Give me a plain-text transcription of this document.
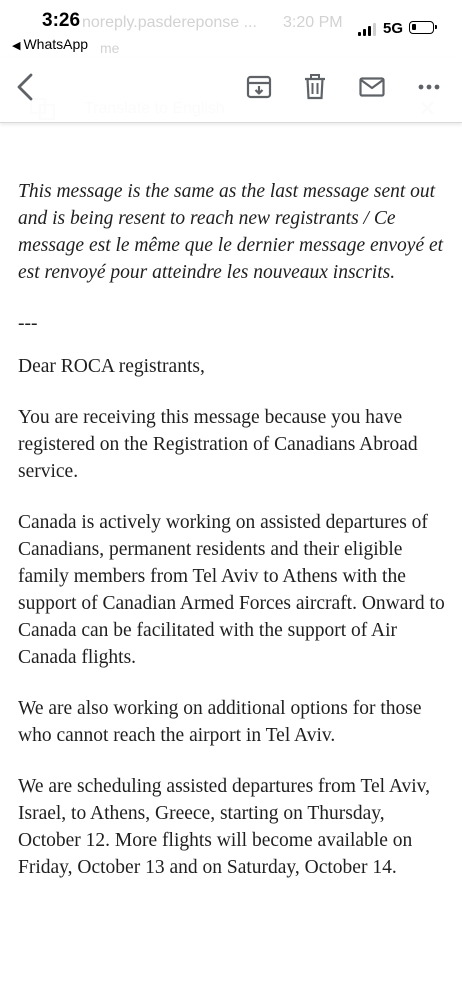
3:26
◀ WhatsApp
noreply.pasdereponse ... 3:20 PM
me
5G

This message is the same as the last message sent out and is being resent to reach new registrants / Ce message est le même que le dernier message envoyé et est renvoyé pour atteindre les nouveaux inscrits.

---

Dear ROCA registrants,

You are receiving this message because you have registered on the Registration of Canadians Abroad service.

Canada is actively working on assisted departures of Canadians, permanent residents and their eligible family members from Tel Aviv to Athens with the support of Canadian Armed Forces aircraft. Onward to Canada can be facilitated with the support of Air Canada flights.

We are also working on additional options for those who cannot reach the airport in Tel Aviv.

We are scheduling assisted departures from Tel Aviv, Israel, to Athens, Greece, starting on Thursday, October 12. More flights will become available on Friday, October 13 and on Saturday, October 14.
